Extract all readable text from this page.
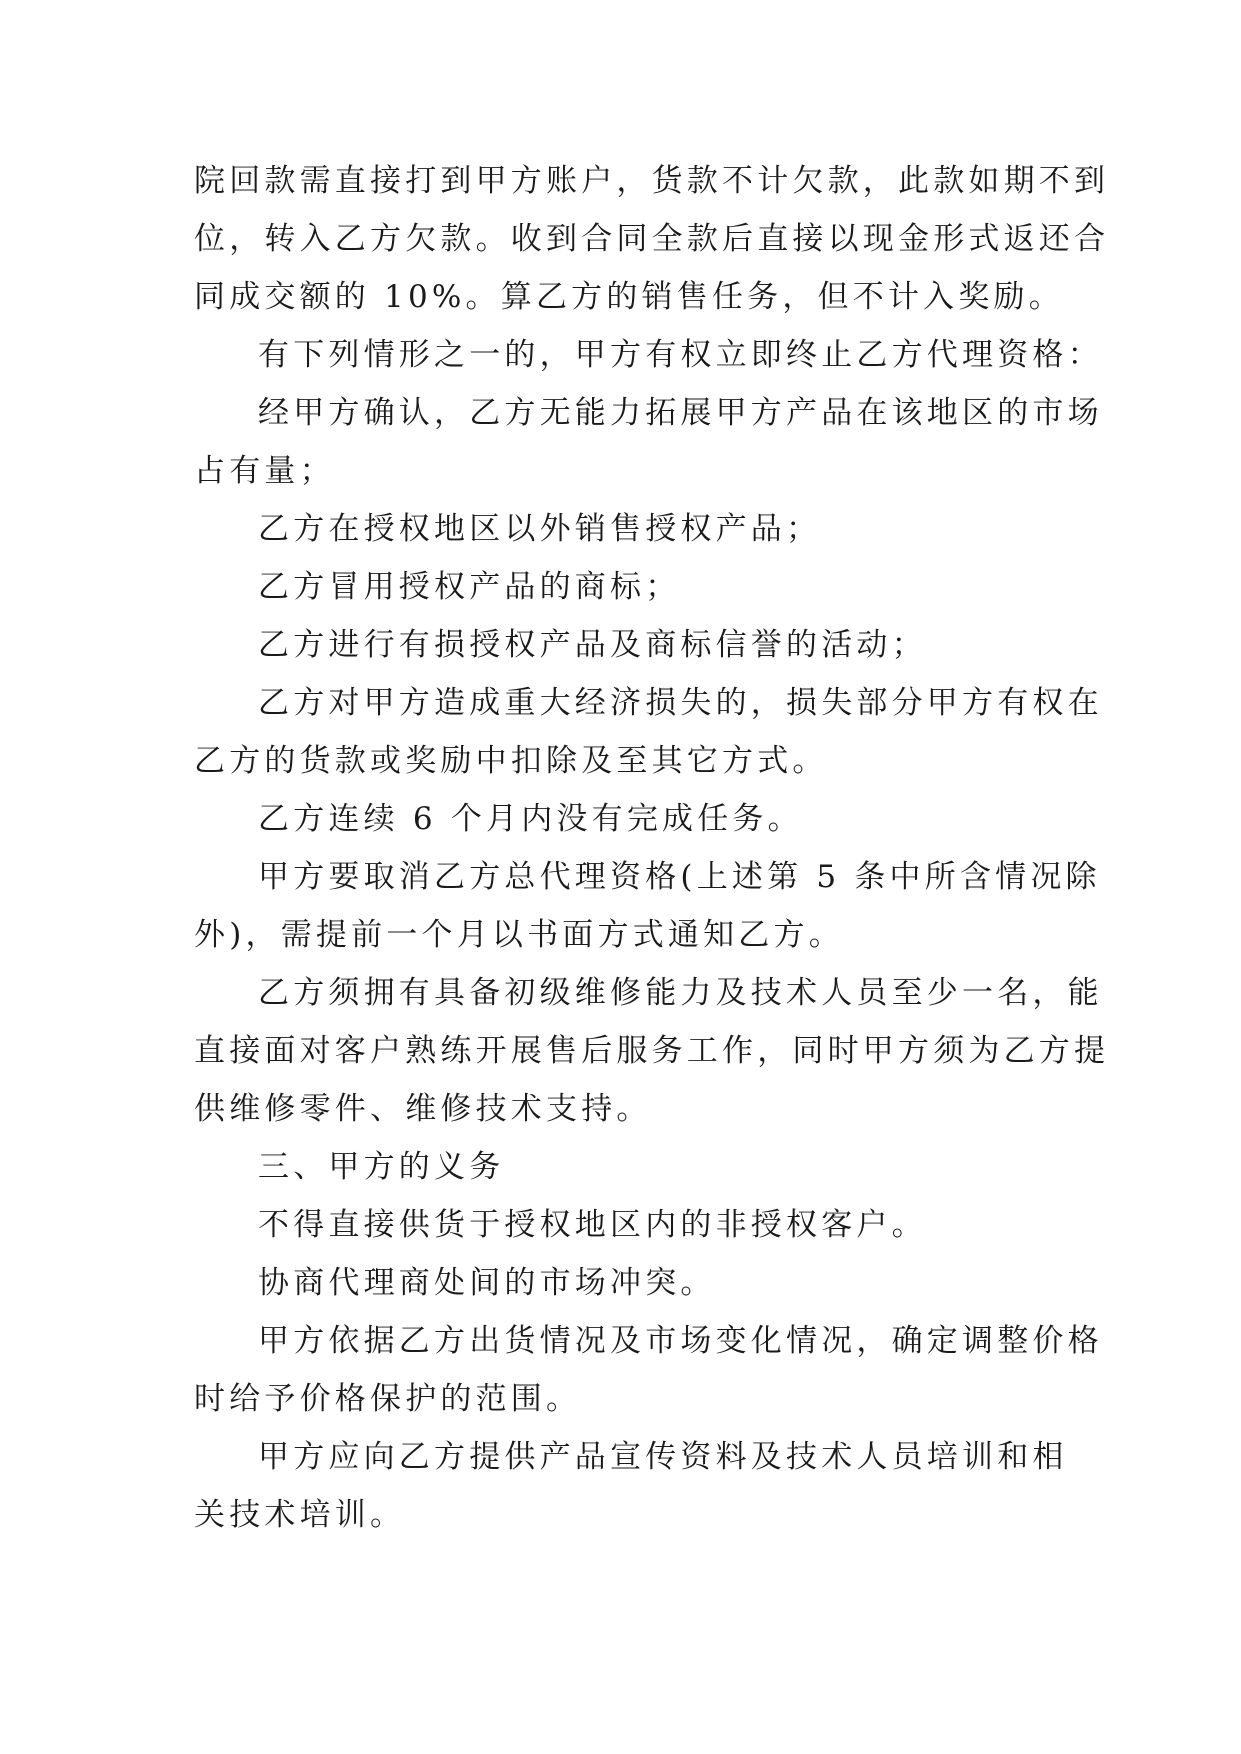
院回款需直接打到甲方账户，货款不计欠款，此款如期不到
位，转入乙方欠款。收到合同全款后直接以现金形式返还合
同成交额的 10%。算乙方的销售任务，但不计入奖励。
有下列情形之一的，甲方有权立即终止乙方代理资格：
经甲方确认，乙方无能力拓展甲方产品在该地区的市场
占有量；
乙方在授权地区以外销售授权产品；
乙方冒用授权产品的商标；
乙方进行有损授权产品及商标信誉的活动；
乙方对甲方造成重大经济损失的，损失部分甲方有权在
乙方的货款或奖励中扣除及至其它方式。
乙方连续 6 个月内没有完成任务。
甲方要取消乙方总代理资格(上述第 5 条中所含情况除
外)，需提前一个月以书面方式通知乙方。
乙方须拥有具备初级维修能力及技术人员至少一名，能
直接面对客户熟练开展售后服务工作，同时甲方须为乙方提
供维修零件、维修技术支持。
三、甲方的义务
不得直接供货于授权地区内的非授权客户。
协商代理商处间的市场冲突。
甲方依据乙方出货情况及市场变化情况，确定调整价格
时给予价格保护的范围。
甲方应向乙方提供产品宣传资料及技术人员培训和相
关技术培训。
